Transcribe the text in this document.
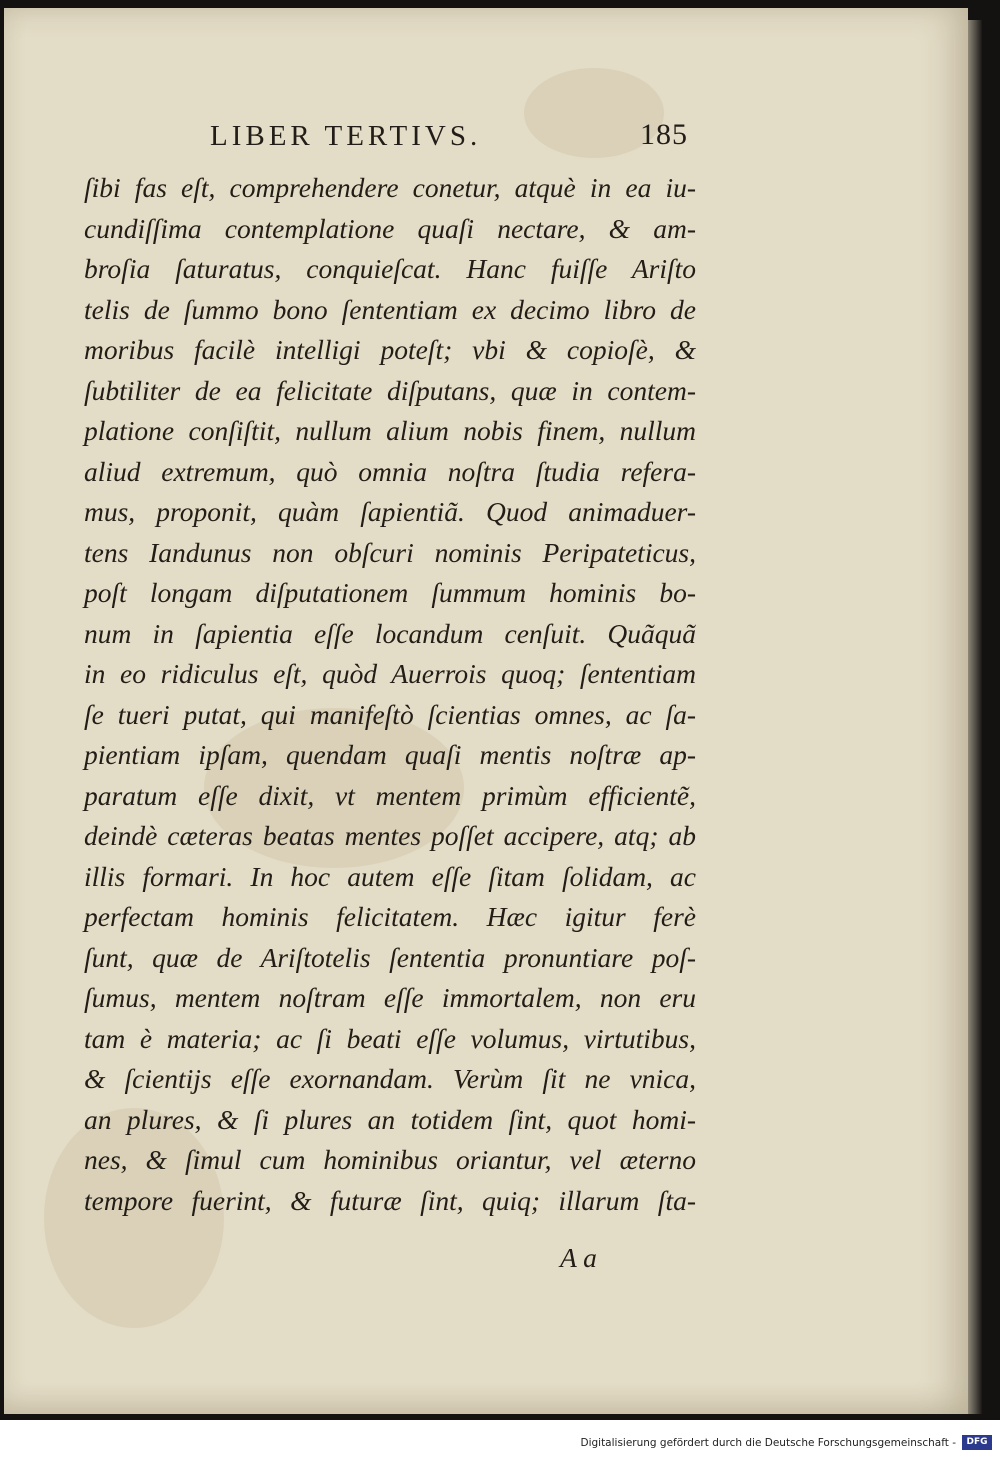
LIBER TERTIVS.	185
ſibi fas eſt, comprehendere conetur, atquè in ea iu-
cundiſſima contemplatione quaſi nectare, & am-
broſia ſaturatus, conquieſcat. Hanc fuiſſe Ariſto
telis de ſummo bono ſententiam ex decimo libro de
moribus facilè intelligi poteſt; vbi & copioſè, &
ſubtiliter de ea felicitate diſputans, quæ in contem-
platione conſiſtit, nullum alium nobis finem, nullum
aliud extremum, quò omnia noſtra ſtudia refera-
mus, proponit, quàm ſapientiã. Quod animaduer-
tens Iandunus non obſcuri nominis Peripateticus,
poſt longam diſputationem ſummum hominis bo-
num in ſapientia eſſe locandum cenſuit. Quãquã
in eo ridiculus eſt, quòd Auerrois quoq; ſententiam
ſe tueri putat, qui manifeſtò ſcientias omnes, ac ſa-
pientiam ipſam, quendam quaſi mentis noſtræ ap-
paratum eſſe dixit, vt mentem primùm efficientẽ,
deindè cæteras beatas mentes poſſet accipere, atq; ab
illis formari. In hoc autem eſſe ſitam ſolidam, ac
perfectam hominis felicitatem. Hæc igitur ferè
ſunt, quæ de Ariſtotelis ſententia pronuntiare poſ-
ſumus, mentem noſtram eſſe immortalem, non eru
tam è materia; ac ſi beati eſſe volumus, virtutibus,
& ſcientijs eſſe exornandam. Verùm ſit ne vnica,
an plures, & ſi plures an totidem ſint, quot homi-
nes, & ſimul cum hominibus oriantur, vel æterno
tempore fuerint, & futuræ ſint, quiq; illarum ſta-
A a
Digitalisierung gefördert durch die Deutsche Forschungsgemeinschaft -	DFG
